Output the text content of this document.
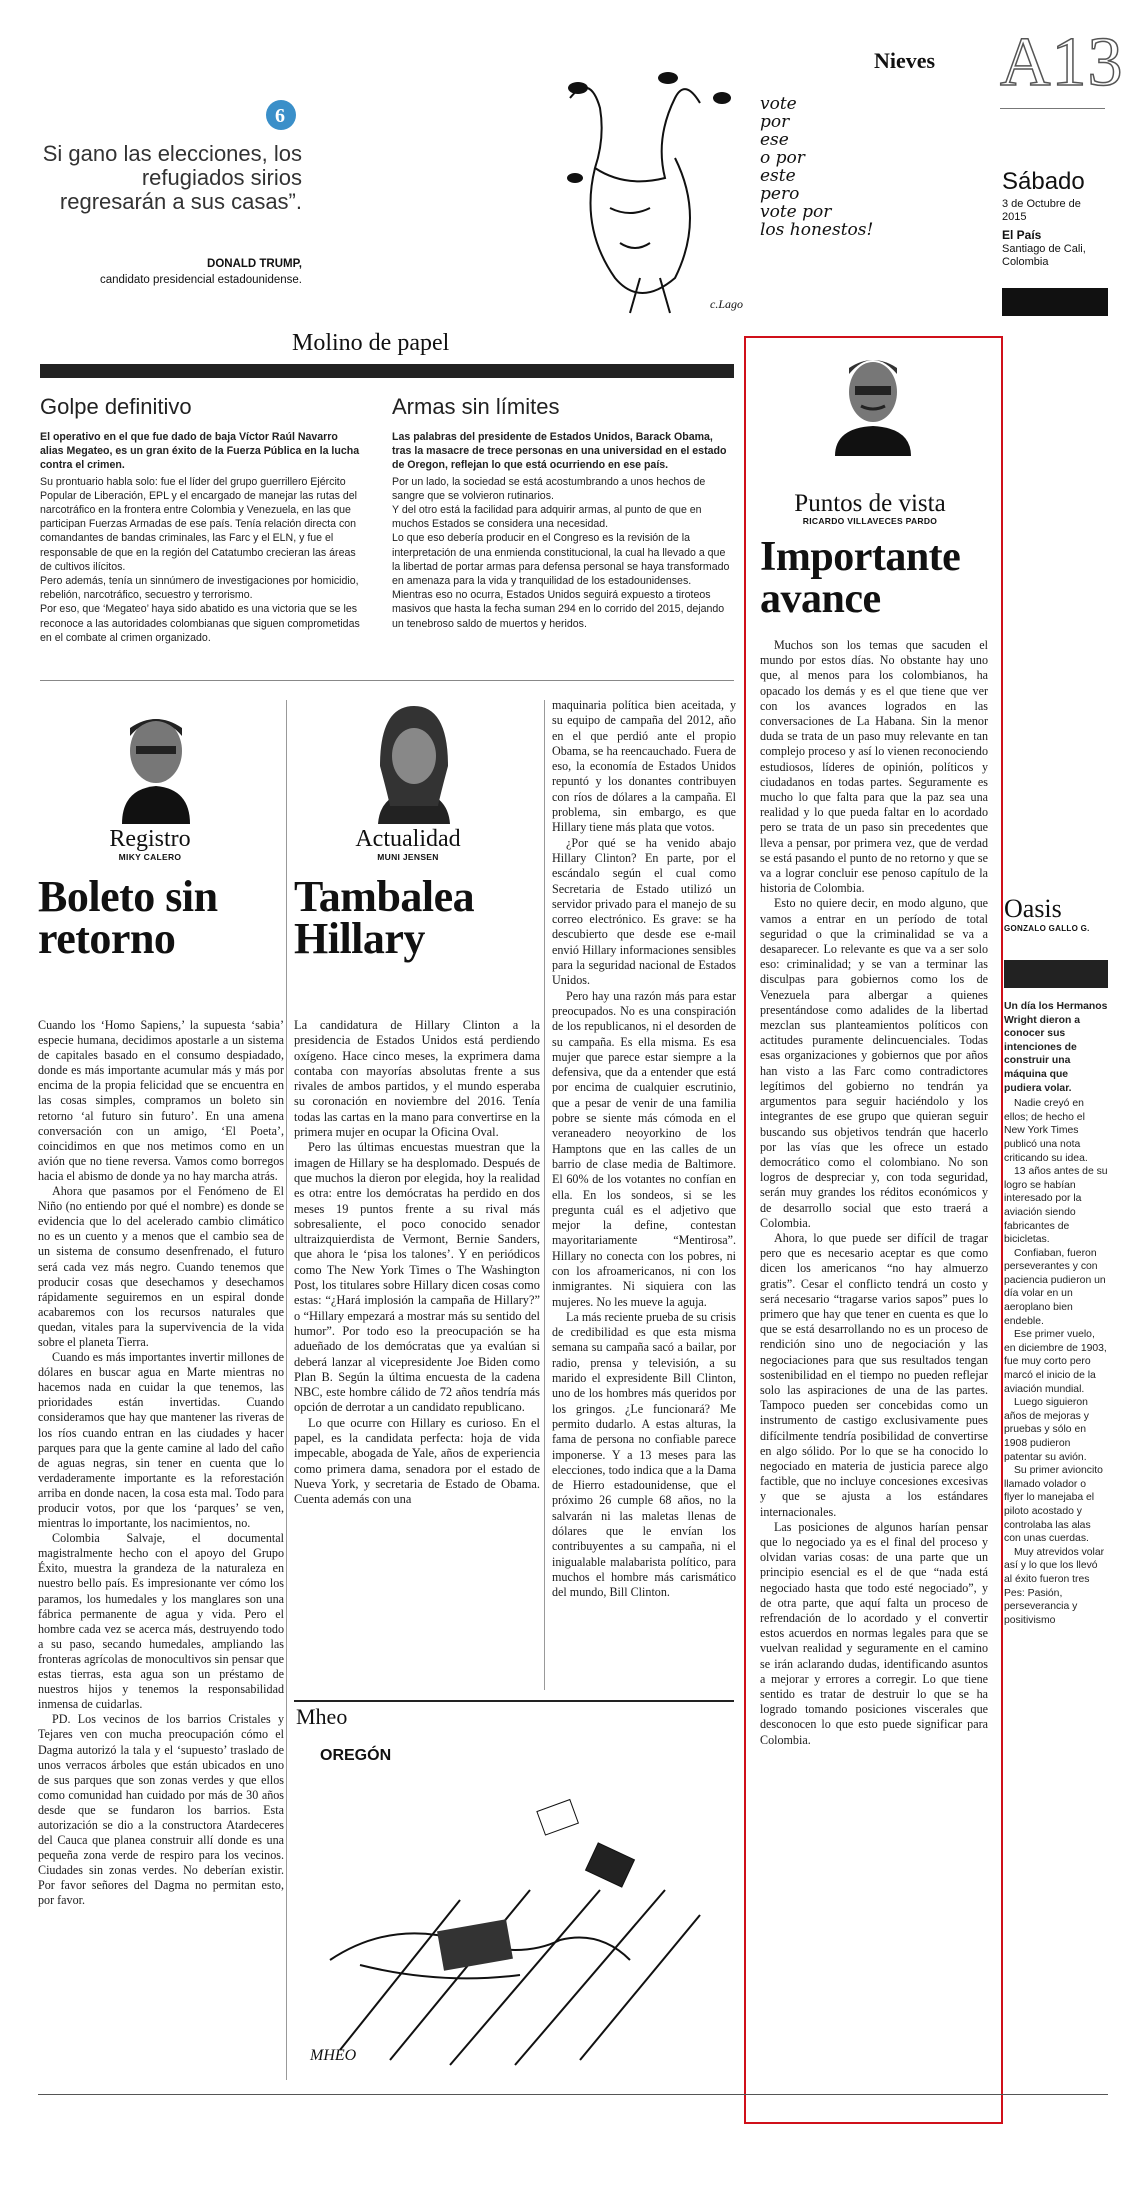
6
Si gano las elecciones, los refugiados sirios regresarán a sus casas”.
DONALD TRUMP,
candidato presidencial estadounidense.
c.Lago
vote
por
ese
o por
este
pero
vote por
los honestos!
Nieves A13
Sábado
3 de Octubre de 2015
El País
Santiago de Cali, Colombia
Molino de papel
Golpe definitivo
El operativo en el que fue dado de baja Víctor Raúl Navarro alias Megateo, es un gran éxito de la Fuerza Pública en la lucha contra el crimen.
Su prontuario habla solo: fue el líder del grupo guerrillero Ejército Popular de Liberación, EPL y el encargado de manejar las rutas del narcotráfico en la frontera entre Colombia y Venezuela, en las que participan Fuerzas Armadas de ese país. Tenía relación directa con comandantes de bandas criminales, las Farc y el ELN, y fue el responsable de que en la región del Catatumbo crecieran las áreas de cultivos ilícitos.
Pero además, tenía un sinnúmero de investigaciones por homicidio, rebelión, narcotráfico, secuestro y terrorismo.
Por eso, que ‘Megateo’ haya sido abatido es una victoria que se les reconoce a las autoridades colombianas que siguen comprometidas en el combate al crimen organizado.
Armas sin límites
Las palabras del presidente de Estados Unidos, Barack Obama, tras la masacre de trece personas en una universidad en el estado de Oregon, reflejan lo que está ocurriendo en ese país.
Por un lado, la sociedad se está acostumbrando a unos hechos de sangre que se volvieron rutinarios.
Y del otro está la facilidad para adquirir armas, al punto de que en muchos Estados se considera una necesidad.
Lo que eso debería producir en el Congreso es la revisión de la interpretación de una enmienda constitucional, la cual ha llevado a que la libertad de portar armas para defensa personal se haya transformado en amenaza para la vida y tranquilidad de los estadounidenses.
Mientras eso no ocurra, Estados Unidos seguirá expuesto a tiroteos masivos que hasta la fecha suman 294 en lo corrido del 2015, dejando un tenebroso saldo de muertos y heridos.
Registro
MIKY CALERO
Boleto sin retorno

Cuando los ‘Homo Sapiens,’ la supuesta ‘sabia’ especie humana, decidimos apostarle a un sistema de capitales basado en el consumo despiadado, donde es más importante acumular más y más por encima de la propia felicidad que se encuentra en las cosas simples, compramos un boleto sin retorno ‘al futuro sin futuro’. En una amena conversación con un amigo, ‘El Poeta’, coincidimos en que nos metimos como en un avión que no tiene reversa. Vamos como borregos hacia el abismo de donde ya no hay marcha atrás.

Ahora que pasamos por el Fenómeno de El Niño (no entiendo por qué el nombre) es donde se evidencia que lo del acelerado cambio climático no es un cuento y a menos que el cambio sea de un sistema de consumo desenfrenado, el futuro será cada vez más negro. Cuando tenemos que producir cosas que desechamos y desechamos rápidamente seguiremos en un espiral donde acabaremos con los recursos naturales que quedan, vitales para la supervivencia de la vida sobre el planeta Tierra.

Cuando es más importantes invertir millones de dólares en buscar agua en Marte mientras no hacemos nada en cuidar la que tenemos, las prioridades están invertidas. Cuando consideramos que hay que mantener las riveras de los ríos cuando entran en las ciudades y hacer parques para que la gente camine al lado del caño de aguas negras, sin tener en cuenta que lo verdaderamente importante es la reforestación arriba en donde nacen, la cosa esta mal. Todo para producir votos, por que los ‘parques’ se ven, mientras lo importante, los nacimientos, no.

Colombia Salvaje, el documental magistralmente hecho con el apoyo del Grupo Éxito, muestra la grandeza de la naturaleza en nuestro bello país. Es impresionante ver cómo los paramos, los humedales y los manglares son una fábrica permanente de agua y vida. Pero el hombre cada vez se acerca más, destruyendo todo a su paso, secando humedales, ampliando las fronteras agrícolas de monocultivos sin pensar que estas tierras, esta agua son un préstamo de nuestros hijos y tenemos la responsabilidad inmensa de cuidarlas.

PD. Los vecinos de los barrios Cristales y Tejares ven con mucha preocupación cómo el Dagma autorizó la tala y el ‘supuesto’ traslado de unos verracos árboles que están ubicados en uno de sus parques que son zonas verdes y que ellos como comunidad han cuidado por más de 30 años desde que se fundaron los barrios. Esta autorización se dio a la constructora Atardeceres del Cauca que planea construir allí donde es una pequeña zona verde de respiro para los vecinos. Ciudades sin zonas verdes. No deberían existir. Por favor señores del Dagma no permitan esto, por favor.

Actualidad
MUNI JENSEN
Tambalea Hillary

La candidatura de Hillary Clinton a la presidencia de Estados Unidos está perdiendo oxígeno. Hace cinco meses, la exprimera dama contaba con mayorías absolutas frente a sus rivales de ambos partidos, y el mundo esperaba su coronación en noviembre del 2016. Tenía todas las cartas en la mano para convertirse en la primera mujer en ocupar la Oficina Oval.

Pero las últimas encuestas muestran que la imagen de Hillary se ha desplomado. Después de que muchos la dieron por elegida, hoy la realidad es otra: entre los demócratas ha perdido en dos meses 19 puntos frente a su rival más sobresaliente, el poco conocido senador ultraizquierdista de Vermont, Bernie Sanders, que ahora le ‘pisa los talones’. Y en periódicos como The New York Times o The Washington Post, los titulares sobre Hillary dicen cosas como estas: “¿Hará implosión la campaña de Hillary?” o “Hillary empezará a mostrar más su sentido del humor”. Por todo eso la preocupación se ha adueñado de los demócratas que ya evalúan si deberá lanzar al vicepresidente Joe Biden como Plan B. Según la última encuesta de la cadena NBC, este hombre cálido de 72 años tendría más opción de derrotar a un candidato republicano.

Lo que ocurre con Hillary es curioso. En el papel, es la candidata perfecta: hoja de vida impecable, abogada de Yale, años de experiencia como primera dama, senadora por el estado de Nueva York, y secretaria de Estado de Obama. Cuenta además con una

maquinaria política bien aceitada, y su equipo de campaña del 2012, año en el que perdió ante el propio Obama, se ha reencauchado. Fuera de eso, la economía de Estados Unidos repuntó y los donantes contribuyen con ríos de dólares a la campaña. El problema, sin embargo, es que Hillary tiene más plata que votos.

¿Por qué se ha venido abajo Hillary Clinton? En parte, por el escándalo según el cual como Secretaria de Estado utilizó un servidor privado para el manejo de su correo electrónico. Es grave: se ha descubierto que desde ese e-mail envió Hillary informaciones sensibles para la seguridad nacional de Estados Unidos.

Pero hay una razón más para estar preocupados. No es una conspiración de los republicanos, ni el desorden de su campaña. Es ella misma. Es esa mujer que parece estar siempre a la defensiva, que da a entender que está por encima de cualquier escrutinio, que a pesar de venir de una familia pobre se siente más cómoda en el veraneadero neoyorkino de los Hamptons que en las calles de un barrio de clase media de Baltimore. El 60% de los votantes no confían en ella. En los sondeos, si se les pregunta cuál es el adjetivo que mejor la define, contestan mayoritariamente “Mentirosa”. Hillary no conecta con los pobres, ni con los afroamericanos, ni con los inmigrantes. Ni siquiera con las mujeres. No les mueve la aguja.

La más reciente prueba de su crisis de credibilidad es que esta misma semana su campaña sacó a bailar, por radio, prensa y televisión, a su marido el expresidente Bill Clinton, uno de los hombres más queridos por los gringos. ¿Le funcionará? Me permito dudarlo. A estas alturas, la fama de persona no confiable parece imponerse. Y a 13 meses para las elecciones, todo indica que a la Dama de Hierro estadounidense, que el próximo 26 cumple 68 años, no la salvarán ni las maletas llenas de dólares que le envían los contribuyentes a su campaña, ni el inigualable malabarista político, para muchos el hombre más carismático del mundo, Bill Clinton.

Mheo
OREGÓN
MHEO
Puntos de vista
RICARDO VILLAVECES PARDO
Importante avance

Muchos son los temas que sacuden el mundo por estos días. No obstante hay uno que, al menos para los colombianos, ha opacado los demás y es el que tiene que ver con los avances logrados en las conversaciones de La Habana. Sin la menor duda se trata de un paso muy relevante en tan complejo proceso y así lo vienen reconociendo estudiosos, líderes de opinión, políticos y ciudadanos en todas partes. Seguramente es mucho lo que falta para que la paz sea una realidad y lo que pueda faltar en lo acordado pero se trata de un paso sin precedentes que lleva a pensar, por primera vez, que de verdad se está pasando el punto de no retorno y que se va a lograr concluir ese penoso capítulo de la historia de Colombia.

Esto no quiere decir, en modo alguno, que vamos a entrar en un período de total seguridad o que la criminalidad se va a desaparecer. Lo relevante es que va a ser solo eso: criminalidad; y se van a terminar las disculpas para gobiernos como los de Venezuela para albergar a quienes presentándose como adalides de la libertad mezclan sus planteamientos políticos con actitudes puramente delincuenciales. Todas esas organizaciones y gobiernos que por años han visto a las Farc como contradictores legítimos del gobierno no tendrán ya argumentos para seguir haciéndolo y los integrantes de ese grupo que quieran seguir buscando sus objetivos tendrán que hacerlo por las vías que les ofrece un estado democrático como el colombiano. No son logros de despreciar y, con toda seguridad, serán muy grandes los réditos económicos y de desarrollo social que esto traerá a Colombia.

Ahora, lo que puede ser difícil de tragar pero que es necesario aceptar es que como dicen los americanos “no hay almuerzo gratis”. Cesar el conflicto tendrá un costo y será necesario “tragarse varios sapos” pues lo primero que hay que tener en cuenta es que lo que se está desarrollando no es un proceso de rendición sino uno de negociación y las negociaciones para que sus resultados tengan sostenibilidad en el tiempo no pueden reflejar solo las aspiraciones de una de las partes. Tampoco pueden ser concebidas como un instrumento de castigo exclusivamente pues difícilmente tendría posibilidad de convertirse en algo sólido. Por lo que se ha conocido lo negociado en materia de justicia parece algo factible, que no incluye concesiones excesivas y que se ajusta a los estándares internacionales.

Las posiciones de algunos harían pensar que lo negociado ya es el final del proceso y olvidan varias cosas: de una parte que un principio esencial es el de que “nada está negociado hasta que todo esté negociado”, y de otra parte, que aquí falta un proceso de refrendación de lo acordado y el convertir estos acuerdos en normas legales para que se vuelvan realidad y seguramente en el camino se irán aclarando dudas, identificando asuntos a mejorar y errores a corregir. Lo que tiene sentido es tratar de destruir lo que se ha logrado tomando posiciones viscerales que desconocen lo que esto puede significar para Colombia.

Oasis
GONZALO GALLO G.
Un día los Hermanos Wright dieron a conocer sus intenciones de construir una máquina que pudiera volar.

Nadie creyó en ellos; de hecho el New York Times publicó una nota criticando su idea.

13 años antes de su logro se habían interesado por la aviación siendo fabricantes de bicicletas.

Confiaban, fueron perseverantes y con paciencia pudieron un día volar en un aeroplano bien endeble.

Ese primer vuelo, en diciembre de 1903, fue muy corto pero marcó el inicio de la aviación mundial.

Luego siguieron años de mejoras y pruebas y sólo en 1908 pudieron patentar su avión.

Su primer avioncito llamado volador o flyer lo manejaba el piloto acostado y controlaba las alas con unas cuerdas.

Muy atrevidos volar así y lo que los llevó al éxito fueron tres Pes: Pasión, perseverancia y positivismo
